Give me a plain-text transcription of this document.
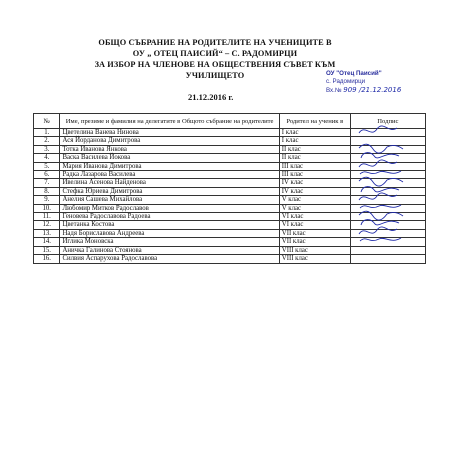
ОБЩО СЪБРАНИЕ НА РОДИТЕЛИТЕ НА УЧЕНИЦИТЕ В
ОУ „ ОТЕЦ ПАИСИЙ“ – С. РАДОМИРЦИ
ЗА ИЗБОР НА ЧЛЕНОВЕ НА ОБЩЕСТВЕНИЯ СЪВЕТ КЪМ
УЧИЛИЩЕТО	ОУ "Отец Паисий"
с. Радомирци
Вх.№ 909 /21.12.2016
21.12.2016 г.
№	Име, презиме и фамилия на делегатите в Общото събрание на родителите	Родител на ученик в	Подпис
1.	Цветелина Ванева Нинова	I клас	

2.	Ася Йорданова Димитрова	I клас	
3.	Тотка Иванова Янкова	II клас	

4.	Васка Василева Йокова	II клас	

5.	Мария Иванова Димитрова	III клас	

6.	Радка Лазарова Василева	III клас	

7.	Ивелина Асенова Найденова	IV клас	

8.	Стефка Юриева Димитрова	IV клас	

9.	Анелия Сашева Михайлова	V клас	

10.	Любомир Митков Радославов	V клас	

11.	Геновева Радославова Радоева	VI клас	

12.	Цветанка Костова	VI клас	

13.	Надя Бориславова Андреева	VII клас	

14.	Иглика Моновска	VII клас	

15.	Аничка Галинова Стоянова	VIII клас	
16.	Силвия Аспарухова Радославова	VIII клас	
